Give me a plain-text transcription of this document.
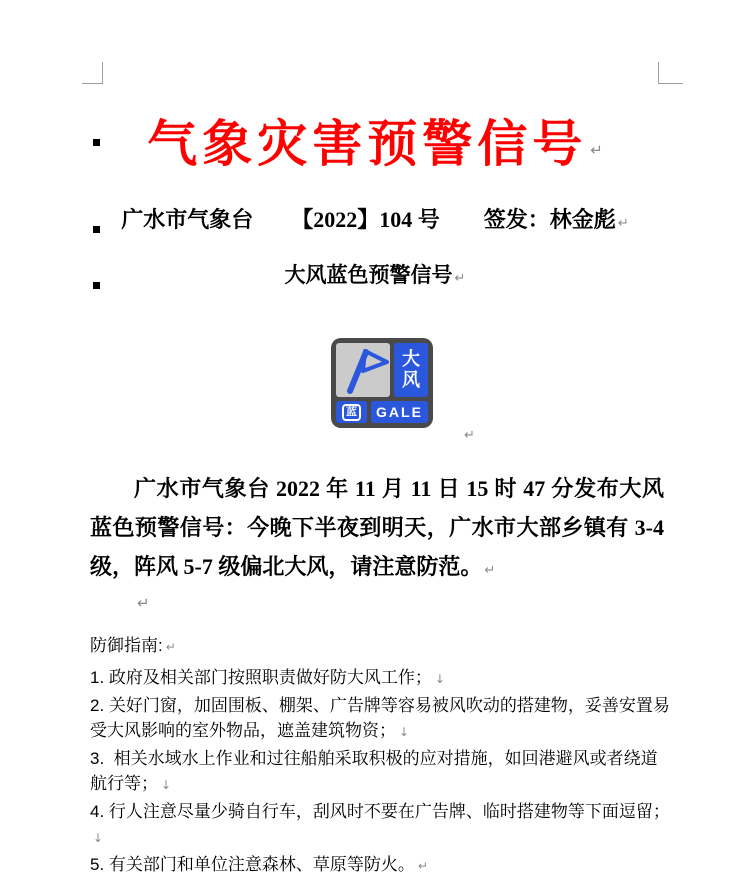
气象灾害预警信号 ↵
广水市气象台 【2022】104 号 签发：林金彪 ↵
大风蓝色预警信号 ↵
大
风
蓝	GALE
↵
广水市气象台 2022 年 11 月 11 日 15 时 47 分发布大风蓝色预警信号：今晚下半夜到明天，广水市大部乡镇有 3-4 级，阵风 5-7 级偏北大风，请注意防范。 ↵
↵
防御指南: ↵
1. 政府及相关部门按照职责做好防大风工作； ↓
2. 关好门窗，加固围板、棚架、广告牌等容易被风吹动的搭建物，妥善安置易受大风影响的室外物品，遮盖建筑物资； ↓
3.  相关水域水上作业和过往船舶采取积极的应对措施，如回港避风或者绕道航行等； ↓
4. 行人注意尽量少骑自行车，刮风时不要在广告牌、临时搭建物等下面逗留；↓
5. 有关部门和单位注意森林、草原等防火。 ↵
